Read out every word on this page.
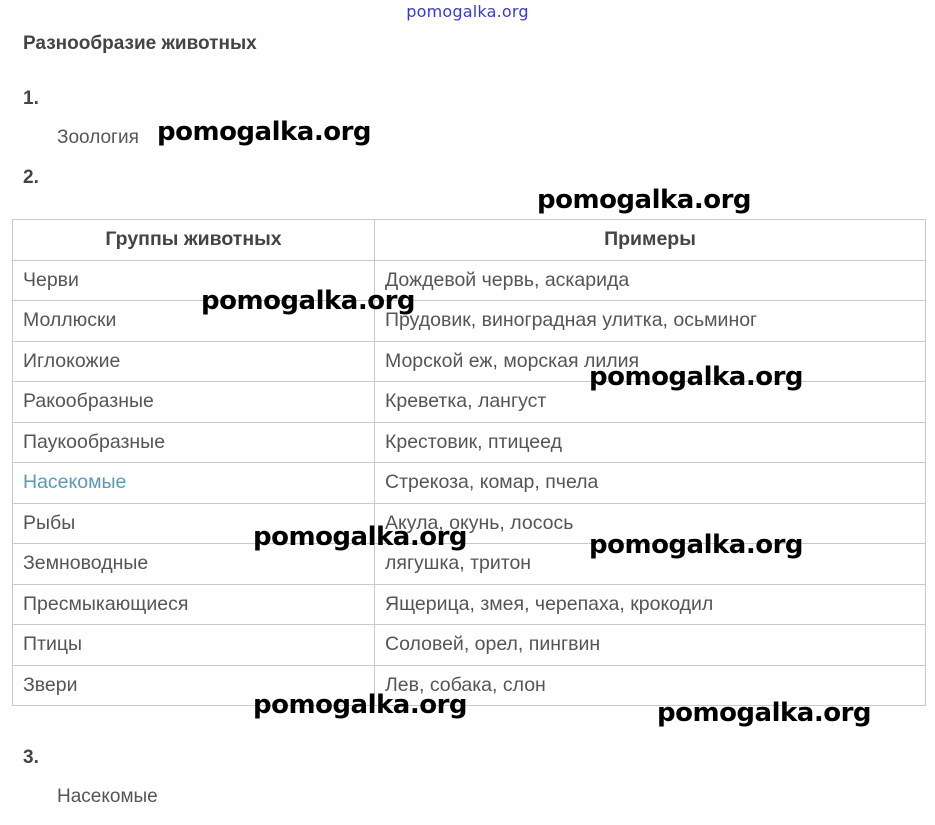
pomogalka.org
Разнообразие животных
1.
Зоология
2.
Группы животных	Примеры
Черви	Дождевой червь, аскарида
Моллюски	Прудовик, виноградная улитка, осьминог
Иглокожие	Морской еж, морская лилия
Ракообразные	Креветка, лангуст
Паукообразные	Крестовик, птицеед
Насекомые	Стрекоза, комар, пчела
Рыбы	Акула, окунь, лосось
Земноводные	лягушка, тритон
Пресмыкающиеся	Ящерица, змея, черепаха, крокодил
Птицы	Соловей, орел, пингвин
Звери	Лев, собака, слон
3.
Насекомые
pomogalka.org
pomogalka.org
pomogalka.org
pomogalka.org
pomogalka.org	pomogalka.org
pomogalka.org	pomogalka.org
